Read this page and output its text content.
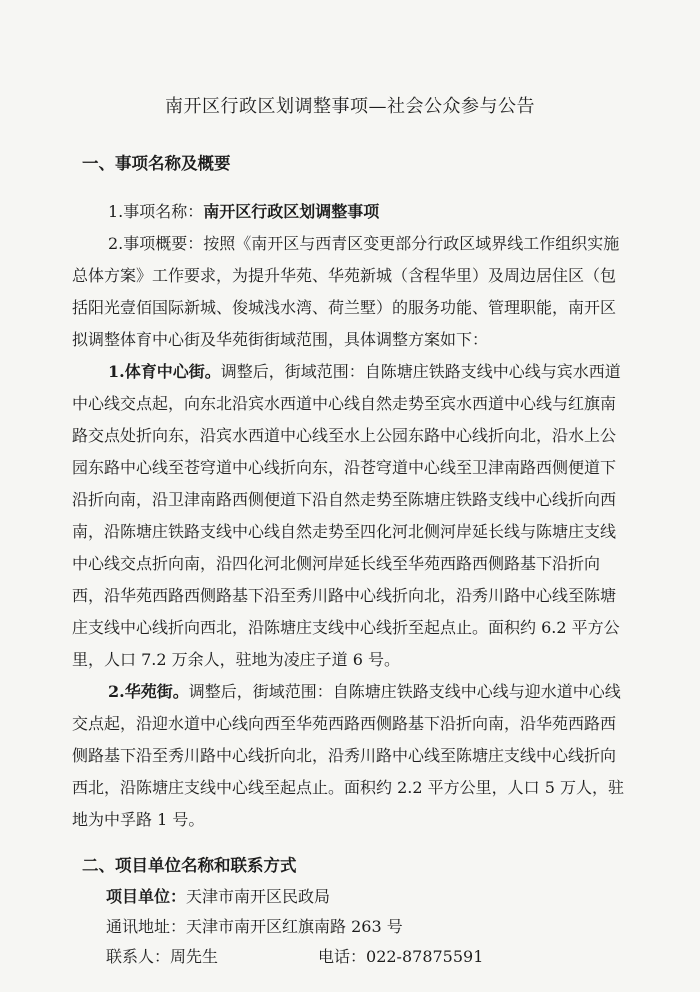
南开区行政区划调整事项—社会公众参与公告
一、事项名称及概要
1.事项名称：南开区行政区划调整事项
2.事项概要：按照《南开区与西青区变更部分行政区域界线工作组织实施
总体方案》工作要求，为提升华苑、华苑新城（含程华里）及周边居住区（包
括阳光壹佰国际新城、俊城浅水湾、荷兰墅）的服务功能、管理职能，南开区
拟调整体育中心街及华苑街街域范围，具体调整方案如下：
1.体育中心街。调整后，街域范围：自陈塘庄铁路支线中心线与宾水西道
中心线交点起，向东北沿宾水西道中心线自然走势至宾水西道中心线与红旗南
路交点处折向东，沿宾水西道中心线至水上公园东路中心线折向北，沿水上公
园东路中心线至苍穹道中心线折向东，沿苍穹道中心线至卫津南路西侧便道下
沿折向南，沿卫津南路西侧便道下沿自然走势至陈塘庄铁路支线中心线折向西
南，沿陈塘庄铁路支线中心线自然走势至四化河北侧河岸延长线与陈塘庄支线
中心线交点折向南，沿四化河北侧河岸延长线至华苑西路西侧路基下沿折向
西，沿华苑西路西侧路基下沿至秀川路中心线折向北，沿秀川路中心线至陈塘
庄支线中心线折向西北，沿陈塘庄支线中心线折至起点止。面积约 6.2 平方公
里，人口 7.2 万余人，驻地为凌庄子道 6 号。
2.华苑街。调整后，街域范围：自陈塘庄铁路支线中心线与迎水道中心线
交点起，沿迎水道中心线向西至华苑西路西侧路基下沿折向南，沿华苑西路西
侧路基下沿至秀川路中心线折向北，沿秀川路中心线至陈塘庄支线中心线折向
西北，沿陈塘庄支线中心线至起点止。面积约 2.2 平方公里，人口 5 万人，驻
地为中孚路 1 号。
二、项目单位名称和联系方式
项目单位：天津市南开区民政局
通讯地址：天津市南开区红旗南路 263 号
联系人：周先生	电话：022-87875591
